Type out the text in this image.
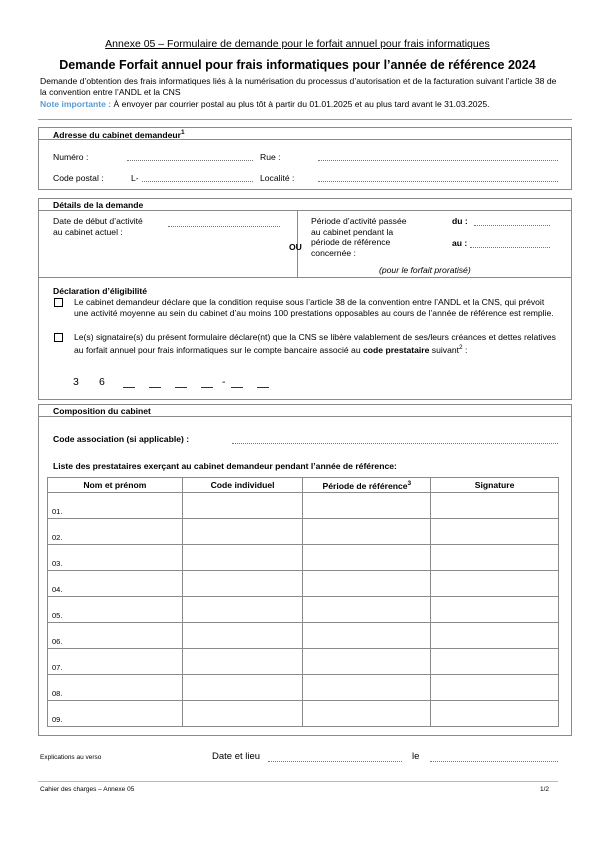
Annexe 05 – Formulaire de demande pour le forfait annuel pour frais informatiques
Demande Forfait annuel pour frais informatiques pour l’année de référence 2024
Demande d’obtention des frais informatiques liés à la numérisation du processus d’autorisation et de la facturation suivant l’article 38 de la convention entre l’ANDL et la CNS
Note importante : À envoyer par courrier postal au plus tôt à partir du 01.01.2025 et au plus tard avant le 31.03.2025.
Adresse du cabinet demandeur$^1$
Numéro :	Rue :
Code postal :	L-	Localité :
Détails de la demande
Date de début d’activité
au cabinet actuel :
OU
Période d’activité passée
au cabinet pendant la
période de référence
concernée :
du :
au :
(pour le forfait proratisé)
Déclaration d’éligibilité
Le cabinet demandeur déclare que la condition requise sous l’article 38 de la convention entre l’ANDL et la CNS, qui prévoit une activité moyenne au sein du cabinet d’au moins 100 prestations opposables au cours de l’année de référence est remplie.
Le(s) signataire(s) du présent formulaire déclare(nt) que la CNS se libère valablement de ses/leurs créances et dettes relatives au forfait annuel pour frais informatiques sur le compte bancaire associé au code prestataire suivant$^2$ :
3 6	-
Composition du cabinet
Code association (si applicable) :
Liste des prestataires exerçant au cabinet demandeur pendant l’année de référence:
Nom et prénom	Code individuel	Période de référence$^3$	Signature
01.			
02.			
03.			
04.			
05.			
06.			
07.			
08.			
09.			
Explications au verso	Date et lieu	le
Cahier des charges – Annexe 05	1/2
